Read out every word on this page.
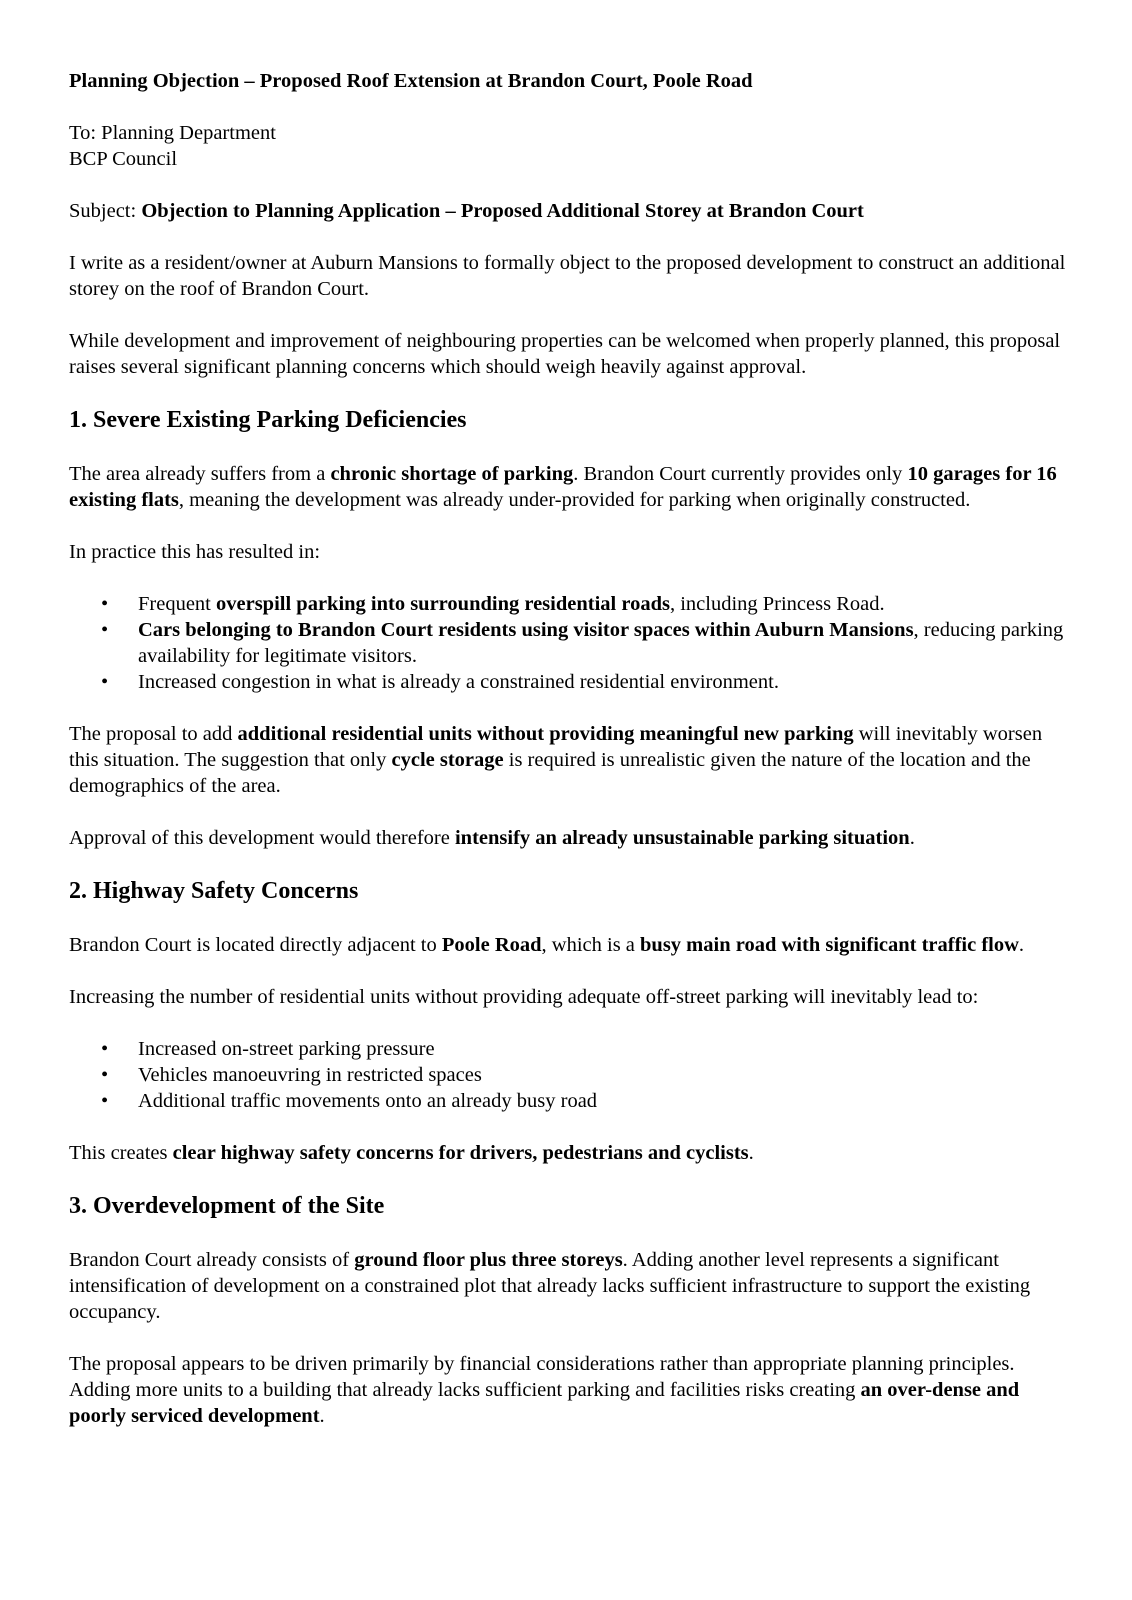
Planning Objection – Proposed Roof Extension at Brandon Court, Poole Road

To: Planning Department
BCP Council

Subject: Objection to Planning Application – Proposed Additional Storey at Brandon Court

I write as a resident/owner at Auburn Mansions to formally object to the proposed development to construct an additional storey on the roof of Brandon Court.

While development and improvement of neighbouring properties can be welcomed when properly planned, this proposal raises several significant planning concerns which should weigh heavily against approval.

1. Severe Existing Parking Deficiencies

The area already suffers from a chronic shortage of parking. Brandon Court currently provides only 10 garages for 16 existing flats, meaning the development was already under-provided for parking when originally constructed.

In practice this has resulted in:

• Frequent overspill parking into surrounding residential roads, including Princess Road.
• Cars belonging to Brandon Court residents using visitor spaces within Auburn Mansions, reducing parking availability for legitimate visitors.
• Increased congestion in what is already a constrained residential environment.

The proposal to add additional residential units without providing meaningful new parking will inevitably worsen this situation. The suggestion that only cycle storage is required is unrealistic given the nature of the location and the demographics of the area.

Approval of this development would therefore intensify an already unsustainable parking situation.

2. Highway Safety Concerns

Brandon Court is located directly adjacent to Poole Road, which is a busy main road with significant traffic flow.

Increasing the number of residential units without providing adequate off-street parking will inevitably lead to:

• Increased on-street parking pressure
• Vehicles manoeuvring in restricted spaces
• Additional traffic movements onto an already busy road

This creates clear highway safety concerns for drivers, pedestrians and cyclists.

3. Overdevelopment of the Site

Brandon Court already consists of ground floor plus three storeys. Adding another level represents a significant intensification of development on a constrained plot that already lacks sufficient infrastructure to support the existing occupancy.

The proposal appears to be driven primarily by financial considerations rather than appropriate planning principles. Adding more units to a building that already lacks sufficient parking and facilities risks creating an over-dense and poorly serviced development.
